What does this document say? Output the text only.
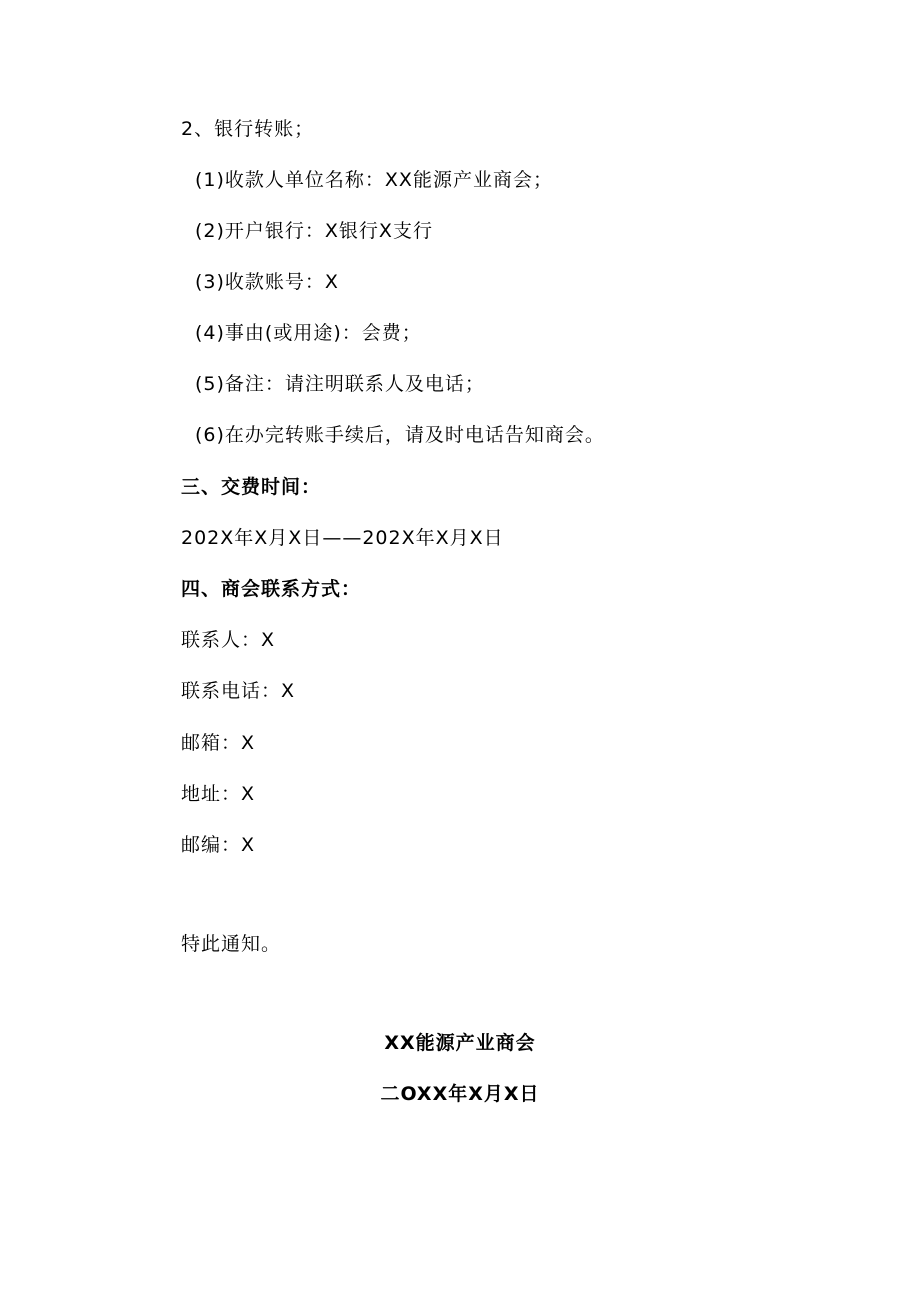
2、银行转账；
(1)收款人单位名称：XX能源产业商会；
(2)开户银行：X银行X支行
(3)收款账号：X
(4)事由(或用途)：会费；
(5)备注：请注明联系人及电话；
(6)在办完转账手续后，请及时电话告知商会。
三、交费时间：
202X年X月X日——202X年X月X日
四、商会联系方式：
联系人：X
联系电话：X
邮箱：X
地址：X
邮编：X
特此通知。
XX能源产业商会
二OXX年X月X日
